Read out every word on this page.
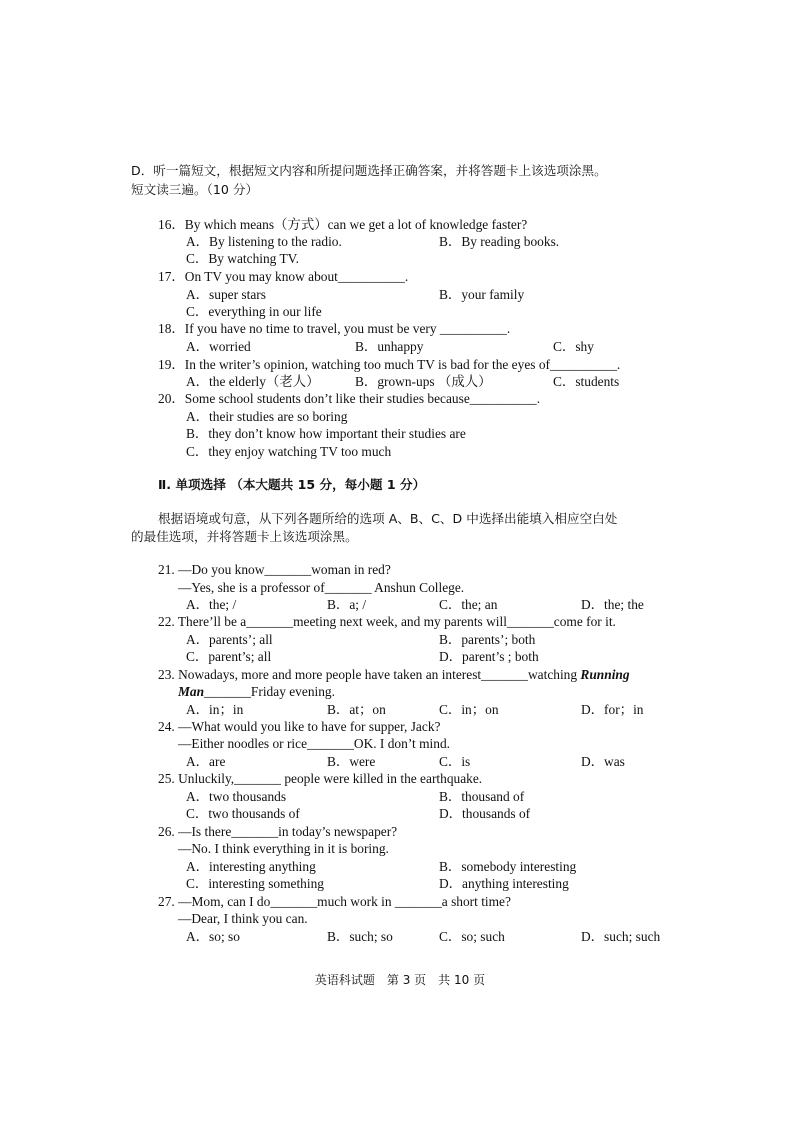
D．听一篇短文，根据短文内容和所提问题选择正确答案，并将答题卡上该选项涂黑。
短文读三遍。（10 分）
16．By which means（方式）can we get a lot of knowledge faster?
A．By listening to the radio.	B．By reading books.
C．By watching TV.
17．On TV you may know about__________.
A．super stars	B．your family
C．everything in our life
18．If you have no time to travel, you must be very __________.
A．worried	B．unhappy	C．shy
19．In the writer’s opinion, watching too much TV is bad for the eyes of__________.
A．the elderly（老人）	B．grown-ups （成人）	C．students
20．Some school students don’t like their studies because__________.
A．their studies are so boring
B．they don’t know how important their studies are
C．they enjoy watching TV too much
Ⅱ. 单项选择 （本大题共 15 分，每小题 1 分）
根据语境或句意，从下列各题所给的选项 A、B、C、D 中选择出能填入相应空白处
的最佳选项，并将答题卡上该选项涂黑。
21. —Do you know_______woman in red?
—Yes, she is a professor of_______ Anshun College.
A．the; /	B．a; /	C．the; an	D．the; the
22. There’ll be a_______meeting next week, and my parents will_______come for it.
A．parents’; all	B．parents’; both
C．parent’s; all	D．parent’s ; both
23. Nowadays, more and more people have taken an interest_______watching Running
Man_______Friday evening.
A．in；in	B．at；on	C．in；on	D．for；in
24. —What would you like to have for supper, Jack?
—Either noodles or rice_______OK. I don’t mind.
A．are	B．were	C．is	D．was
25. Unluckily,_______ people were killed in the earthquake.
A．two thousands	B．thousand of
C．two thousands of	D．thousands of
26. —Is there_______in today’s newspaper?
—No. I think everything in it is boring.
A．interesting anything	B．somebody interesting
C．interesting something	D．anything interesting
27. —Mom, can I do_______much work in _______a short time?
—Dear, I think you can.
A．so; so	B．such; so	C．so; such	D．such; such
英语科试题　第 3 页　共 10 页
